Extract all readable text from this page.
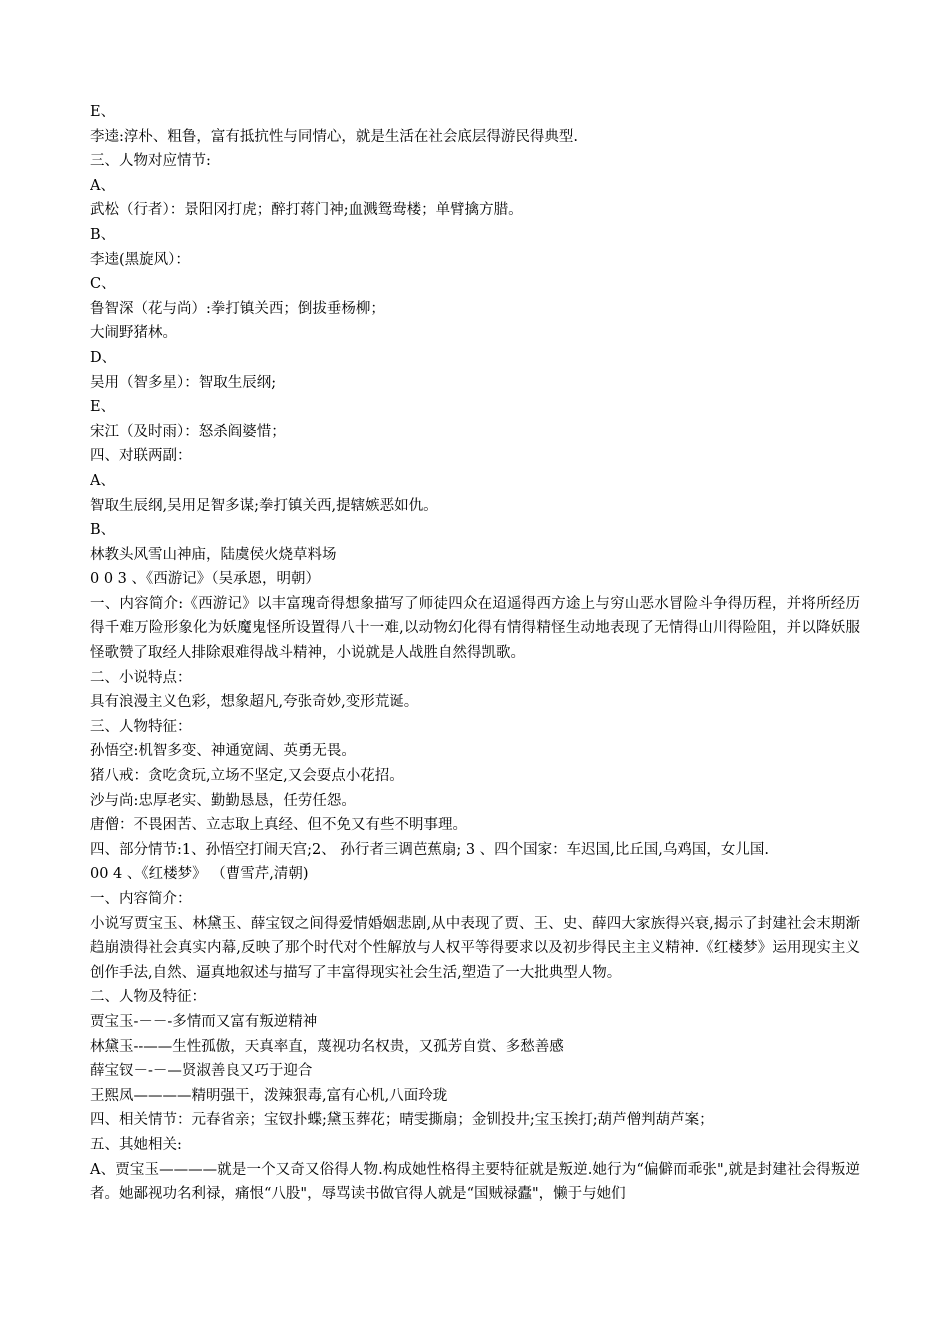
E、
李逵:淳朴、粗鲁，富有抵抗性与同情心，就是生活在社会底层得游民得典型.
三、人物对应情节:
A、
武松（行者）：景阳冈打虎；醉打蒋门神;血溅鸳鸯楼；单臂擒方腊。
B、
李逵(黑旋风）：
C、
鲁智深（花与尚）:拳打镇关西；倒拔垂杨柳；
大闹野猪林。
D、
吴用（智多星）：智取生辰纲;
E、
宋江（及时雨）：怒杀阎婆惜；
四、对联两副：
A、
智取生辰纲,吴用足智多谋;拳打镇关西,提辖嫉恶如仇。
B、
林教头风雪山神庙，陆虞侯火烧草料场
0 0 3 、《西游记》（吴承恩，明朝）
一、内容简介:《西游记》以丰富瑰奇得想象描写了师徒四众在迢遥得西方途上与穷山恶水冒险斗争得历程，并将所经历得千难万险形象化为妖魔鬼怪所设置得八十一难,以动物幻化得有情得精怪生动地表现了无情得山川得险阻，并以降妖服怪歌赞了取经人排除艰难得战斗精神，小说就是人战胜自然得凯歌。
二、小说特点：
具有浪漫主义色彩，想象超凡,夸张奇妙,变形荒诞。
三、人物特征：
孙悟空:机智多变、神通宽阔、英勇无畏。
猪八戒：贪吃贪玩,立场不坚定,又会耍点小花招。
沙与尚:忠厚老实、勤勤恳恳，任劳任怨。
唐僧：不畏困苦、立志取上真经、但不免又有些不明事理。
四、部分情节:1、孙悟空打闹天宫;2、 孙行者三调芭蕉扇; 3 、四个国家：车迟国,比丘国,乌鸡国，女儿国.
00 4 、《红楼梦》 （曹雪芹,清朝)
一、内容简介：
小说写贾宝玉、林黛玉、薛宝钗之间得爱情婚姻悲剧,从中表现了贾、王、史、薛四大家族得兴衰,揭示了封建社会末期渐趋崩溃得社会真实内幕,反映了那个时代对个性解放与人权平等得要求以及初步得民主主义精神.《红楼梦》运用现实主义创作手法,自然、逼真地叙述与描写了丰富得现实社会生活,塑造了一大批典型人物。
二、人物及特征：
贾宝玉-－－-多情而又富有叛逆精神
林黛玉--——生性孤傲，天真率直，蔑视功名权贵，又孤芳自赏、多愁善感
薛宝钗－-－—贤淑善良又巧于迎合
王熙凤————精明强干，泼辣狠毒,富有心机,八面玲珑
四、相关情节：元春省亲；宝钗扑蝶;黛玉葬花；晴雯撕扇；金钏投井;宝玉挨打;葫芦僧判葫芦案；
五、其她相关:
A、贾宝玉————就是一个又奇又俗得人物.构成她性格得主要特征就是叛逆.她行为“偏僻而乖张",就是封建社会得叛逆者。她鄙视功名利禄，痛恨“八股"，辱骂读书做官得人就是“国贼禄蠹"，懒于与她们
